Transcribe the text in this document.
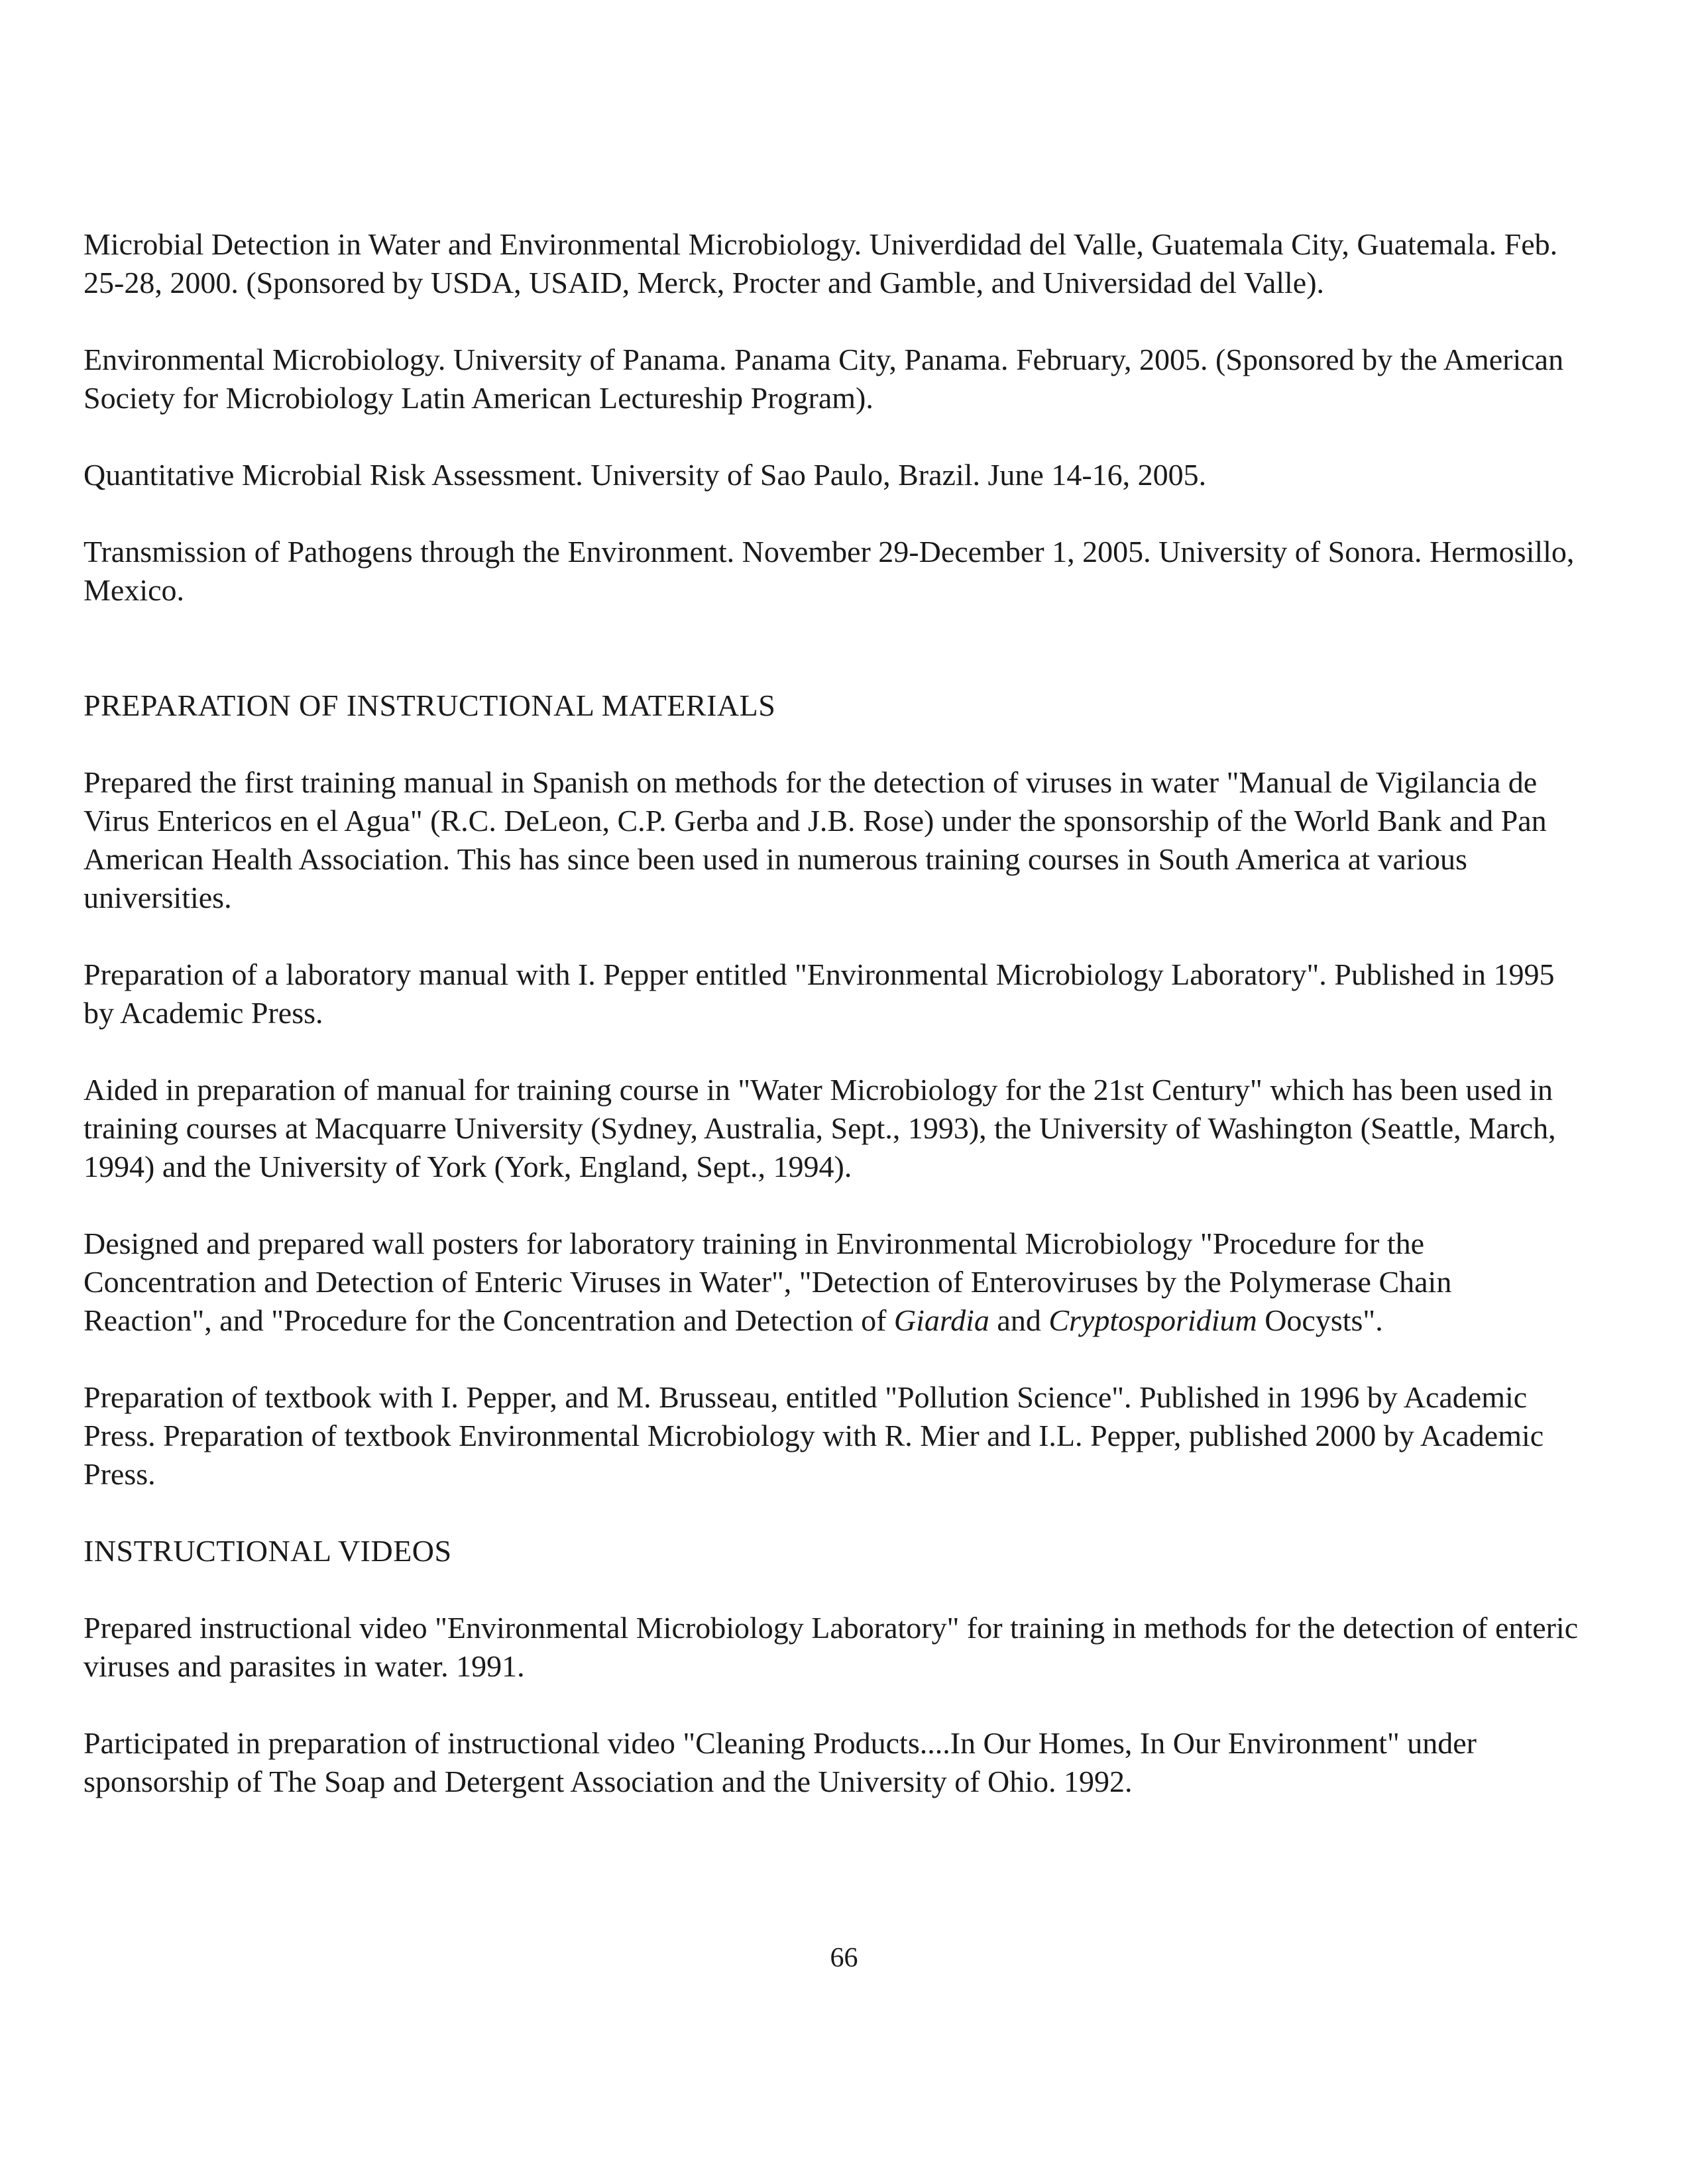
Microbial Detection in Water and Environmental Microbiology. Univerdidad del Valle, Guatemala City, Guatemala. Feb. 25-28, 2000. (Sponsored by USDA, USAID, Merck, Procter and Gamble, and Universidad del Valle).

Environmental Microbiology. University of Panama. Panama City, Panama. February, 2005. (Sponsored by the American Society for Microbiology Latin American Lectureship Program).

Quantitative Microbial Risk Assessment. University of Sao Paulo, Brazil. June 14-16, 2005.

Transmission of Pathogens through the Environment. November 29-December 1, 2005. University of Sonora. Hermosillo, Mexico.

PREPARATION OF INSTRUCTIONAL MATERIALS

Prepared the first training manual in Spanish on methods for the detection of viruses in water "Manual de Vigilancia de Virus Entericos en el Agua" (R.C. DeLeon, C.P. Gerba and J.B. Rose) under the sponsorship of the World Bank and Pan American Health Association. This has since been used in numerous training courses in South America at various universities.

Preparation of a laboratory manual with I. Pepper entitled "Environmental Microbiology Laboratory". Published in 1995 by Academic Press.

Aided in preparation of manual for training course in "Water Microbiology for the 21st Century" which has been used in training courses at Macquarre University (Sydney, Australia, Sept., 1993), the University of Washington (Seattle, March, 1994) and the University of York (York, England, Sept., 1994).

Designed and prepared wall posters for laboratory training in Environmental Microbiology "Procedure for the Concentration and Detection of Enteric Viruses in Water", "Detection of Enteroviruses by the Polymerase Chain Reaction", and "Procedure for the Concentration and Detection of Giardia and Cryptosporidium Oocysts".

Preparation of textbook with I. Pepper, and M. Brusseau, entitled "Pollution Science". Published in 1996 by Academic Press. Preparation of textbook Environmental Microbiology with R. Mier and I.L. Pepper, published 2000 by Academic Press.

INSTRUCTIONAL VIDEOS

Prepared instructional video "Environmental Microbiology Laboratory" for training in methods for the detection of enteric viruses and parasites in water. 1991.

Participated in preparation of instructional video "Cleaning Products....In Our Homes, In Our Environment" under sponsorship of The Soap and Detergent Association and the University of Ohio. 1992.

66
